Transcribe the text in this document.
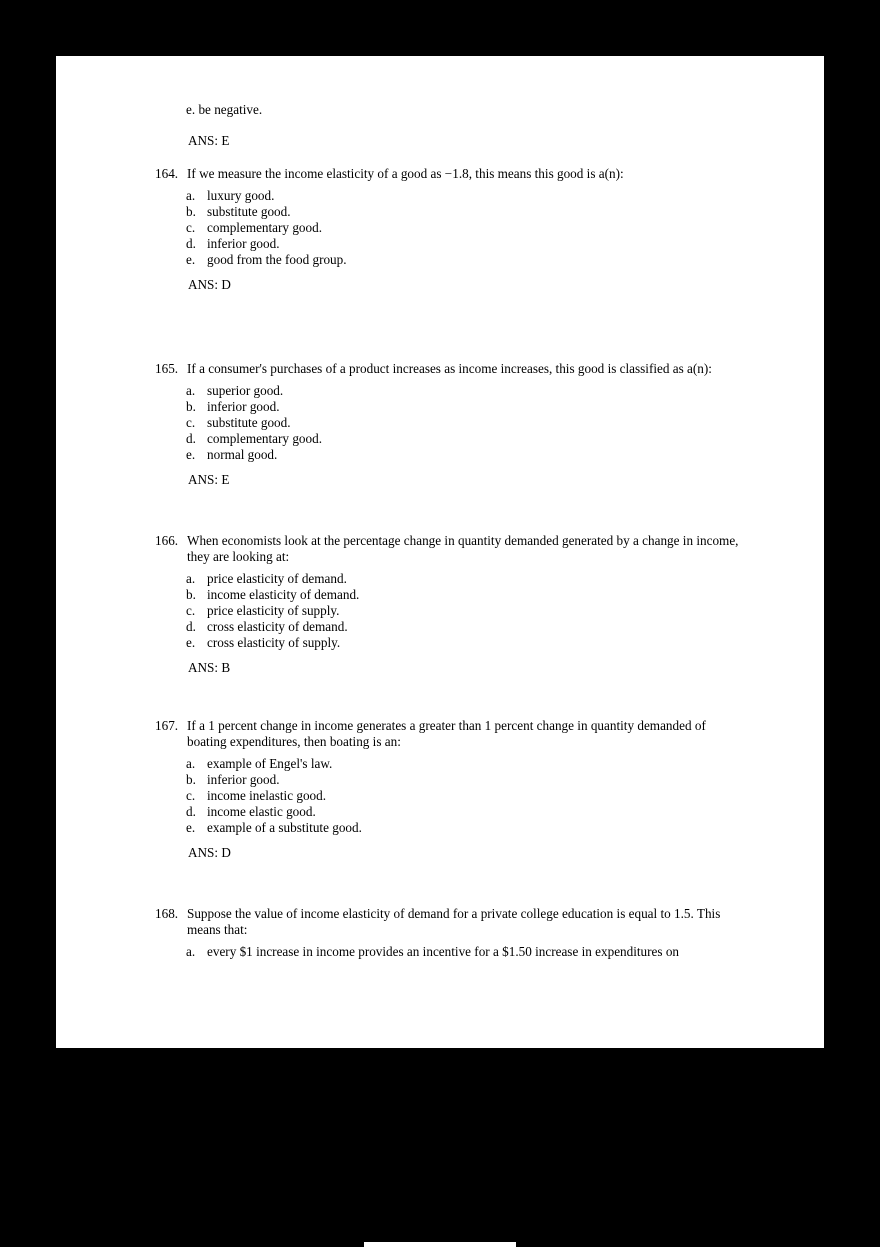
e. be negative.
ANS: E
164. If we measure the income elasticity of a good as −1.8, this means this good is a(n):
a. luxury good.
b. substitute good.
c. complementary good.
d. inferior good.
e. good from the food group.
ANS: D
165. If a consumer's purchases of a product increases as income increases, this good is classified as a(n):
a. superior good.
b. inferior good.
c. substitute good.
d. complementary good.
e. normal good.
ANS: E
166. When economists look at the percentage change in quantity demanded generated by a change in income, they are looking at:
a. price elasticity of demand.
b. income elasticity of demand.
c. price elasticity of supply.
d. cross elasticity of demand.
e. cross elasticity of supply.
ANS: B
167. If a 1 percent change in income generates a greater than 1 percent change in quantity demanded of boating expenditures, then boating is an:
a. example of Engel's law.
b. inferior good.
c. income inelastic good.
d. income elastic good.
e. example of a substitute good.
ANS: D
168. Suppose the value of income elasticity of demand for a private college education is equal to 1.5. This means that:
a. every $1 increase in income provides an incentive for a $1.50 increase in expenditures on
